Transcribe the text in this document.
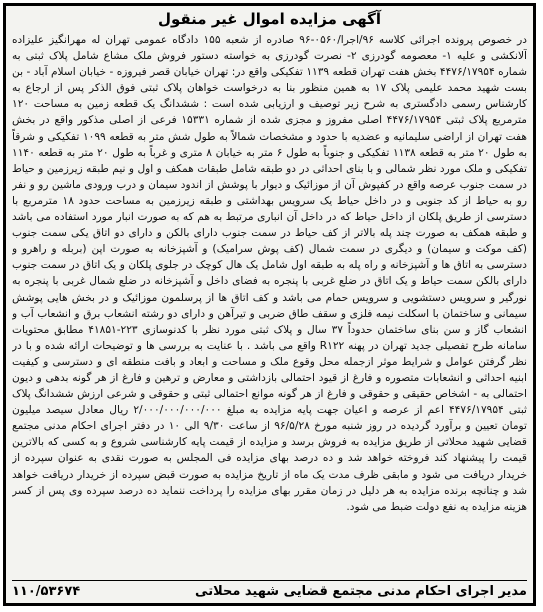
آگهی مزایده اموال غیر منقول

در خصوص پرونده اجرائی کلاسه ۹۶/اجرا/۰۵۶۰-۹۶ صادره از شعبه ۱۵۵ دادگاه عمومی تهران له مهرانگیز علیزاده آلانکشی و علیه ۱- معصومه گودرزی ۲- نصرت گودرزی به خواسته دستور فروش ملک مشاع شامل پلاک ثبتی به شماره ۴۴۷۶/۱۷۹۵۴ بخش هفت تهران قطعه ۱۱۳۹ تفکیکی واقع در: تهران خیابان قصر فیروزه - خیابان اسلام آباد - بن بست شهید محمد علیمی پلاک ۱۷ به همین منظور بنا به درخواست خواهان پلاک ثبتی فوق الذکر پس از ارجاع به کارشناس رسمی دادگستری به شرح زیر توصیف و ارزیابی شده است : ششدانگ یک قطعه زمین به مساحت ۱۲۰ مترمربع پلاک ثبتی ۴۴۷۶/۱۷۹۵۴ اصلی مفروز و مجزی شده از شماره ۱۵۳۳۱ فرعی از اصلی مذکور واقع در بخش هفت تهران از اراضی سلیمانیه و عضدیه با حدود و مشخصات شمالاً به طول شش متر به قطعه ۱۰۹۹ تفکیکی و شرقاً به طول ۲۰ متر به قطعه ۱۱۳۸ تفکیکی و جنوباً به طول ۶ متر به خیابان ۸ متری و غرباً به طول ۲۰ متر به قطعه ۱۱۴۰ تفکیکی و ملک مورد نظر شمالی و با بنای احداثی در دو طبقه شامل طبقات همکف و اول و نیم طبقه زیرزمین و حیاط در سمت جنوب عرصه واقع در کفپوش آن از موزائیک و دیوار با پوشش از اندود سیمان و درب ورودی ماشین رو و نفر رو به حیاط از کد جنوبی و در داخل حیاط یک سرویس بهداشتی و طبقه زیرزمین به مساحت حدود ۱۸ مترمربع با دسترسی از طریق پلکان از داخل حیاط که در داخل آن انباری مرتبط به هم که به صورت انبار مورد استفاده می باشد و طبقه همکف به صورت چند پله بالاتر از کف حیاط در سمت جنوب دارای بالکن و دارای دو اتاق یکی سمت جنوب (کف موکت و سیمان) و دیگری در سمت شمال (کف پوش سرامیک) و آشپزخانه به صورت اپن (بربله و راهرو و دسترسی به اتاق ها و آشپزخانه و راه پله به طبقه اول شامل یک هال کوچک در جلوی پلکان و یک اتاق در سمت جنوب دارای بالکن سمت حیاط و یک اتاق در ضلع غربی با پنجره به فضای داخل و آشپزخانه در ضلع شمال غربی با پنجره به نورگیر و سرویس دستشویی و سرویس حمام می باشد و کف اتاق ها از پرسلمون موزائیک و در بخش هایی پوشش سیمانی و ساختمان با اسکلت نیمه فلزی و سقف طاق ضربی و تیرآهن و دارای دو رشته انشعاب برق و انشعاب آب و انشعاب گاز و سن بنای ساختمان حدوداً ۳۷ سال و پلاک ثبتی مورد نظر با کدنوسازی ۲۲۳-۴۱۸۵۱ مطابق محتویات سامانه طرح تفصیلی جدید تهران در پهنه R۱۲۲ واقع می باشد . با عنایت به بررسی ها و توضیحات ارائه شده و با در نظر گرفتن عوامل و شرایط موثر ازجمله محل وقوع ملک و مساحت و ابعاد و بافت منطقه ای و دسترسی و کیفیت ابنیه احداثی و انشعابات متصوره و فارغ از قیود احتمالی بازداشتی و معارض و ترهین و فارغ از هر گونه بدهی و دیون احتمالی به - اشخاص حقیقی و حقوقی و فارغ از هر گونه موانع احتمالی ثبتی و حقوقی و شرعی ارزش ششدانگ پلاک ثبتی ۴۴۷۶/۱۷۹۵۴ اعم از عرصه و اعیان جهت پایه مزایده به مبلغ ۲/۰۰۰/۰۰۰/۰۰۰/۰۰۰ ریال معادل سیصد میلیون تومان تعیین و برآورد گردیده در روز شنبه مورخ ۹۶/۵/۲۸ از ساعت ۹/۳۰ الی ۱۰ در دفتر اجرای احکام مدنی مجتمع قضایی شهید محلاتی از طریق مزایده به فروش برسد و مزایده از قیمت پایه کارشناسی شروع و به کسی که بالاترین قیمت را پیشنهاد کند فروخته خواهد شد و ده درصد بهای مزایده فی المجلس به صورت نقدی به عنوان سپرده از خریدار دریافت می شود و مابقی ظرف مدت یک ماه از تاریخ مزایده به صورت قبض سپرده از خریدار دریافت خواهد شد و چنانچه برنده مزایده به هر دلیل در زمان مقرر بهای مزایده را پرداخت ننماید ده درصد سپرده وی پس از کسر هزینه مزایده به نفع دولت ضبط می شود.

۱۱۰/۵۳۶۷۴	مدیر اجرای احکام مدنی مجتمع قضایی شهید محلاتی
